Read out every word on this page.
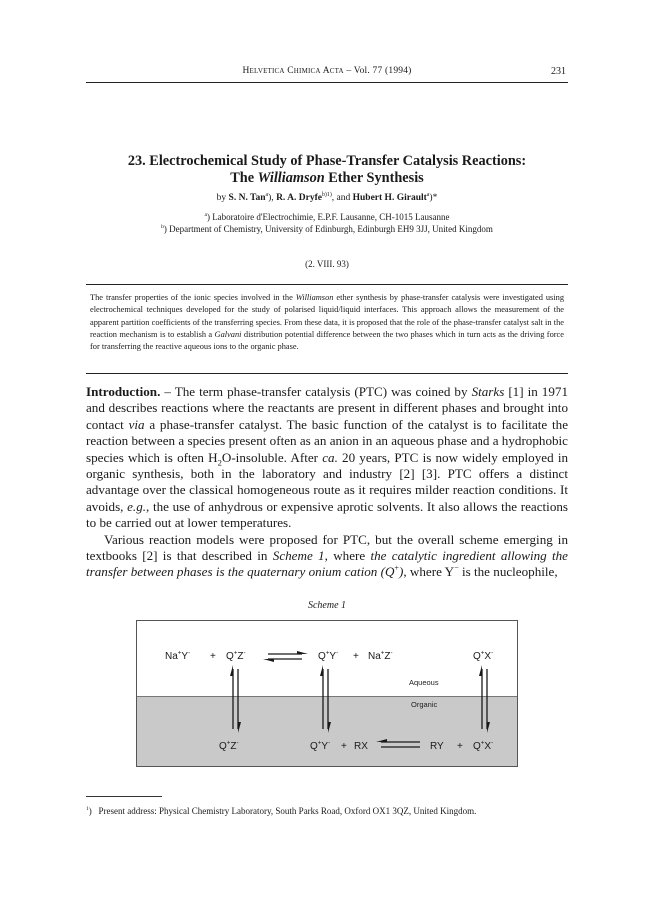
Helvetica Chimica Acta – Vol. 77 (1994)	231
23. Electrochemical Study of Phase-Transfer Catalysis Reactions:
The Williamson Ether Synthesis
by S. N. Tan$^a$), R. A. Dryfe$^{b)1)}$, and Hubert H. Girault$^a$)*
$^a$) Laboratoire d'Electrochimie, E.P.F. Lausanne, CH-1015 Lausanne
$^b$) Department of Chemistry, University of Edinburgh, Edinburgh EH9 3JJ, United Kingdom
(2. VIII. 93)
The transfer properties of the ionic species involved in the Williamson ether synthesis by phase-transfer catalysis were investigated using electrochemical techniques developed for the study of polarised liquid/liquid interfaces. This approach allows the measurement of the apparent partition coefficients of the transferring species. From these data, it is proposed that the role of the phase-transfer catalyst salt in the reaction mechanism is to establish a Galvani distribution potential difference between the two phases which in turn acts as the driving force for transferring the reactive aqueous ions to the organic phase.

Introduction. – The term phase-transfer catalysis (PTC) was coined by Starks [1] in 1971 and describes reactions where the reactants are present in different phases and brought into contact via a phase-transfer catalyst. The basic function of the catalyst is to facilitate the reaction between a species present often as an anion in an aqueous phase and a hydrophobic species which is often $H_2O$-insoluble. After ca. 20 years, PTC is now widely employed in organic synthesis, both in the laboratory and industry [2] [3]. PTC offers a distinct advantage over the classical homogeneous route as it requires milder reaction conditions. It avoids, e.g., the use of anhydrous or expensive aprotic solvents. It also allows the reactions to be carried out at lower temperatures.

Various reaction models were proposed for PTC, but the overall scheme emerging in textbooks [2] is that described in Scheme 1, where the catalytic ingredient allowing the transfer between phases is the quaternary onium cation (Q+), where Y− is the nucleophile,

Scheme 1
Na+Y- + Q+Z-	Q+Y- + Na+Z-	Q+X-
Aqueous
Organic
Q+Z-	Q+Y- + RX	RY + Q+X-
$^1$)   Present address: Physical Chemistry Laboratory, South Parks Road, Oxford OX1 3QZ, United Kingdom.
